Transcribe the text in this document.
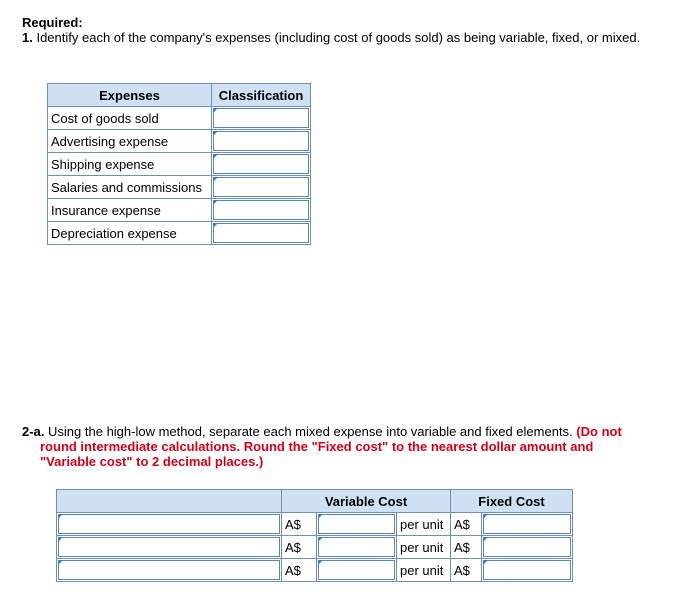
Required:
1. Identify each of the company's expenses (including cost of goods sold) as being variable, fixed, or mixed.
Expenses	Classification
Cost of goods sold	

Advertising expense	

Shipping expense	

Salaries and commissions	

Insurance expense	

Depreciation expense	
2-a. Using the high-low method, separate each mixed expense into variable and fixed elements. (Do not round intermediate calculations. Round the "Fixed cost" to the nearest dollar amount and "Variable cost" to 2 decimal places.)
	Variable Cost			Fixed Cost	

	A$		per unit	A$	

	A$		per unit	A$	

	A$		per unit	A$	
